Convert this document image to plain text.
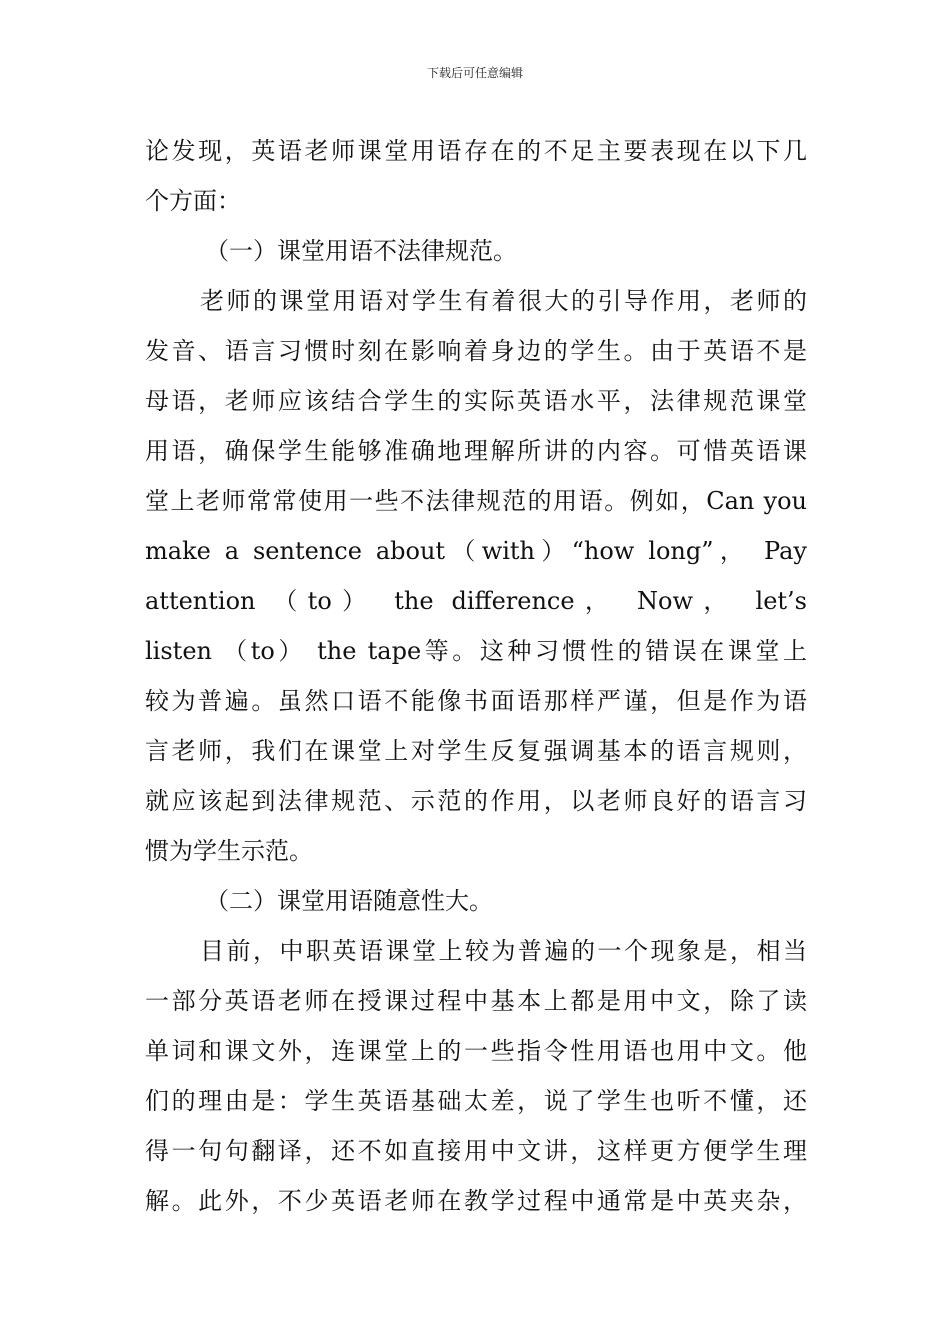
下载后可任意编辑
论发现，英语老师课堂用语存在的不足主要表现在以下几
个方面：
（一）课堂用语不法律规范。
老师的课堂用语对学生有着很大的引导作用，老师的
发音、语言习惯时刻在影响着身边的学生。由于英语不是
母语，老师应该结合学生的实际英语水平，法律规范课堂
用语，确保学生能够准确地理解所讲的内容。可惜英语课
堂上老师常常使用一些不法律规范的用语。例如，Can you
make a sentence about（with）“how long”， Pay
attention （to） the difference， Now， let’s
listen （to） the tape等。这种习惯性的错误在课堂上
较为普遍。虽然口语不能像书面语那样严谨，但是作为语
言老师，我们在课堂上对学生反复强调基本的语言规则，
就应该起到法律规范、示范的作用，以老师良好的语言习
惯为学生示范。
（二）课堂用语随意性大。
目前，中职英语课堂上较为普遍的一个现象是，相当
一部分英语老师在授课过程中基本上都是用中文，除了读
单词和课文外，连课堂上的一些指令性用语也用中文。他
们的理由是：学生英语基础太差，说了学生也听不懂，还
得一句句翻译，还不如直接用中文讲，这样更方便学生理
解。此外，不少英语老师在教学过程中通常是中英夹杂，
